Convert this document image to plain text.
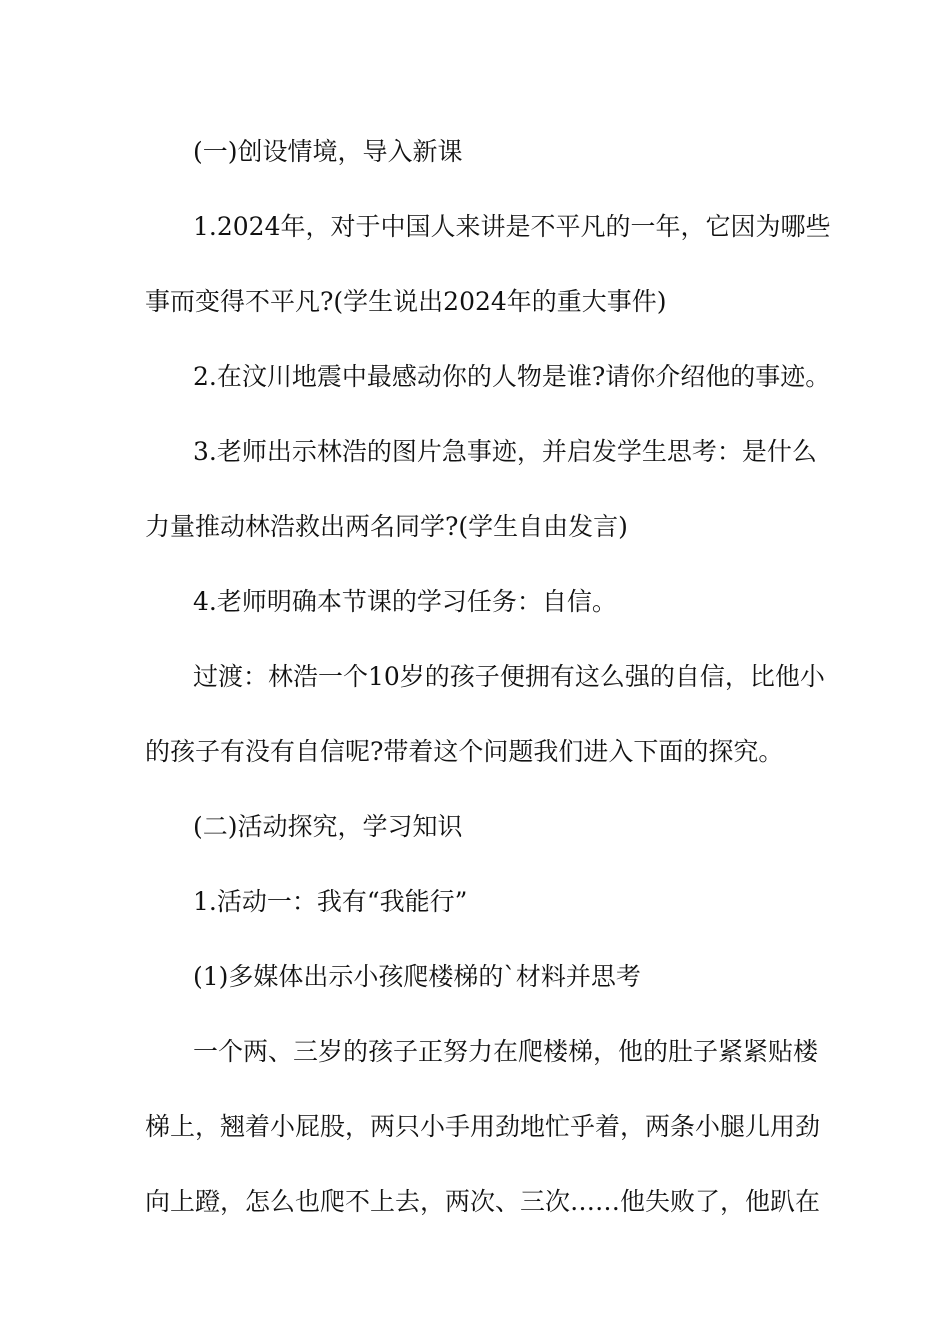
(一)创设情境，导入新课
1.2024年，对于中国人来讲是不平凡的一年，它因为哪些
事而变得不平凡?(学生说出2024年的重大事件)
2.在汶川地震中最感动你的人物是谁?请你介绍他的事迹。
3.老师出示林浩的图片急事迹，并启发学生思考：是什么
力量推动林浩救出两名同学?(学生自由发言)
4.老师明确本节课的学习任务：自信。
过渡：林浩一个10岁的孩子便拥有这么强的自信，比他小
的孩子有没有自信呢?带着这个问题我们进入下面的探究。
(二)活动探究，学习知识
1.活动一：我有“我能行”
(1)多媒体出示小孩爬楼梯的`材料并思考
一个两、三岁的孩子正努力在爬楼梯，他的肚子紧紧贴楼
梯上，翘着小屁股，两只小手用劲地忙乎着，两条小腿儿用劲
向上蹬，怎么也爬不上去，两次、三次……他失败了，他趴在
